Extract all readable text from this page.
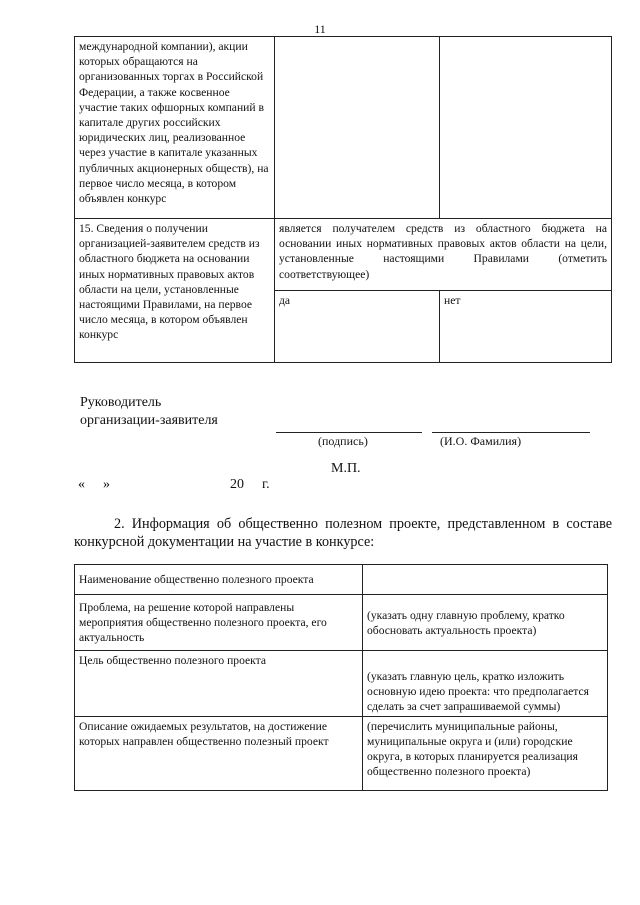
11
международной компании), акции которых обращаются на организованных торгах в Российской Федерации, а также косвенное участие таких офшорных компаний в капитале других российских юридических лиц, реализованное через участие в капитале указанных публичных акционерных обществ), на первое число месяца, в котором объявлен конкурс		
15. Сведения о получении организацией-заявителем средств из областного бюджета на основании иных нормативных правовых актов области на цели, установленные настоящими Правилами, на первое число месяца, в котором объявлен конкурс	является получателем средств из областного бюджета на основании иных нормативных правовых актов области на цели, установленные настоящими Правилами (отметить соответствующее)	
	да	нет
Руководитель
организации-заявителя
(подпись)	(И.О. Фамилия)
М.П.
« »	20 г.
2. Информация об общественно полезном проекте, представленном в составе конкурсной документации на участие в конкурсе:
Наименование общественно полезного проекта	
Проблема, на решение которой направлены мероприятия общественно полезного проекта, его актуальность	(указать одну главную проблему, кратко обосновать актуальность проекта)
Цель общественно полезного проекта	(указать главную цель, кратко изложить основную идею проекта: что предполагается сделать за счет запрашиваемой суммы)
Описание ожидаемых результатов, на достижение которых направлен общественно полезный проект	(перечислить муниципальные районы, муниципальные округа и (или) городские округа, в которых планируется реализация общественно полезного проекта)
